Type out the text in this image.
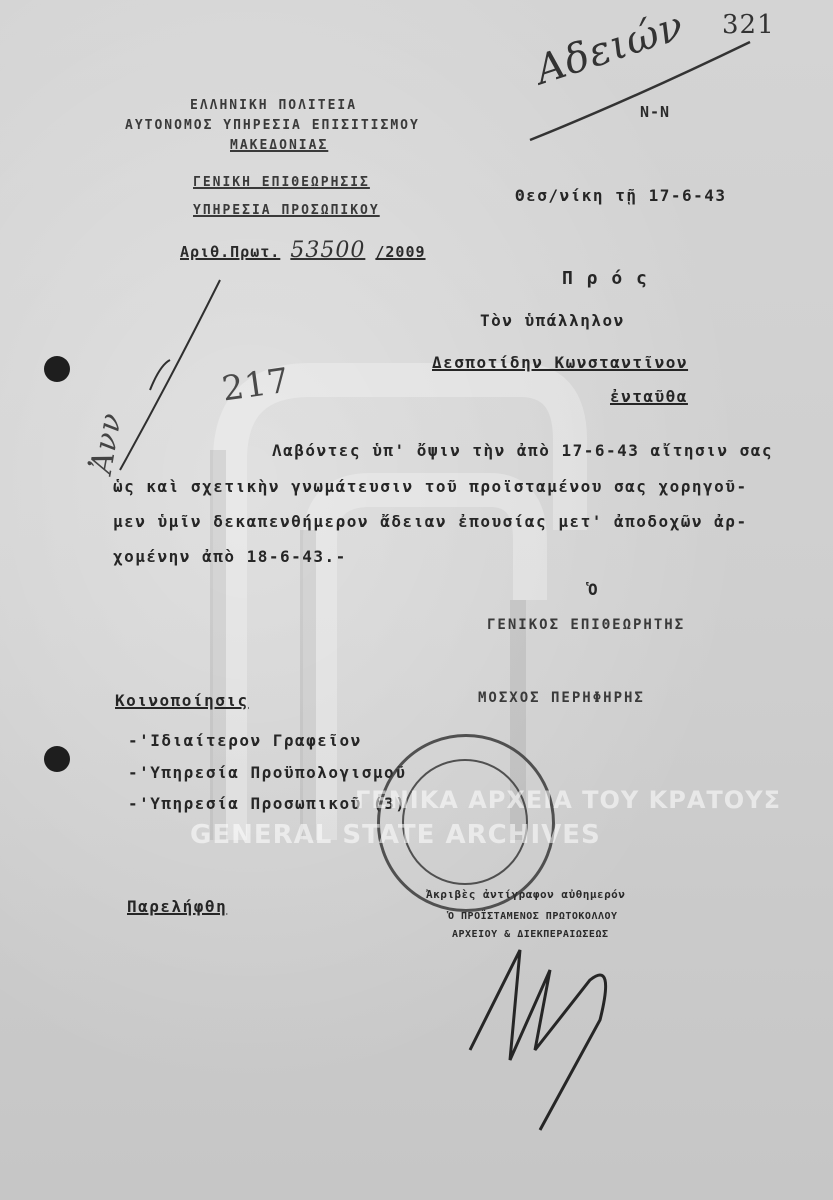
ΕΛΛΗΝΙΚΗ ΠΟΛΙΤΕΙΑ
ΑΥΤΟΝΟΜΟΣ ΥΠΗΡΕΣΙΑ ΕΠΙΣΙΤΙΣΜΟΥ
ΜΑΚΕΔΟΝΙΑΣ
ΓΕΝΙΚΗ ΕΠΙΘΕΩΡΗΣΙΣ
ΥΠΗΡΕΣΙΑ ΠΡΟΣΩΠΙΚΟΥ
Αριθ.Πρωτ. 53500 /2009
Αδειών 321
Ν-Ν
Θεσ/νίκη τῇ 17-6-43
Π ρ ό ς
Τὸν ὑπάλληλον
Δεσποτίδην Κωνσταντῖνον
ἐνταῦθα
Λαβόντες ὑπ' ὄψιν τὴν ἀπὸ 17-6-43 αἴτησιν σας
ὡς καὶ σχετικὴν γνωμάτευσιν τοῦ προϊσταμένου σας χορηγοῦ-
μεν ὑμῖν δεκαπενθήμερον ἄδειαν ἐπουσίας μετ' ἀποδοχῶν ἀρ-
χομένην ἀπὸ 18-6-43.-
Ὁ
ΓΕΝΙΚΟΣ ΕΠΙΘΕΩΡΗΤΗΣ
ΜΟΣΧΟΣ ΠΕΡΗΦΗΡΗΣ
Κοινοποίησις
-'Ιδιαίτερον Γραφεῖον
-'Υπηρεσία Προϋπολογισμοῦ
-'Υπηρεσία Προσωπικοῦ (3)
Παρελήφθη
217
Ἀνν
Ἀκριβὲς ἀντίγραφον αὐθημερόν
Ὁ ΠΡΟΪΣΤΑΜΕΝΟΣ ΠΡΩΤΟΚΟΛΛΟΥ
ΑΡΧΕΙΟΥ & ΔΙΕΚΠΕΡΑΙΩΣΕΩΣ
ΓΕΝΙΚΑ ΑΡΧΕΙΑ ΤΟΥ ΚΡΑΤΟΥΣ
GENERAL STATE ARCHIVES
